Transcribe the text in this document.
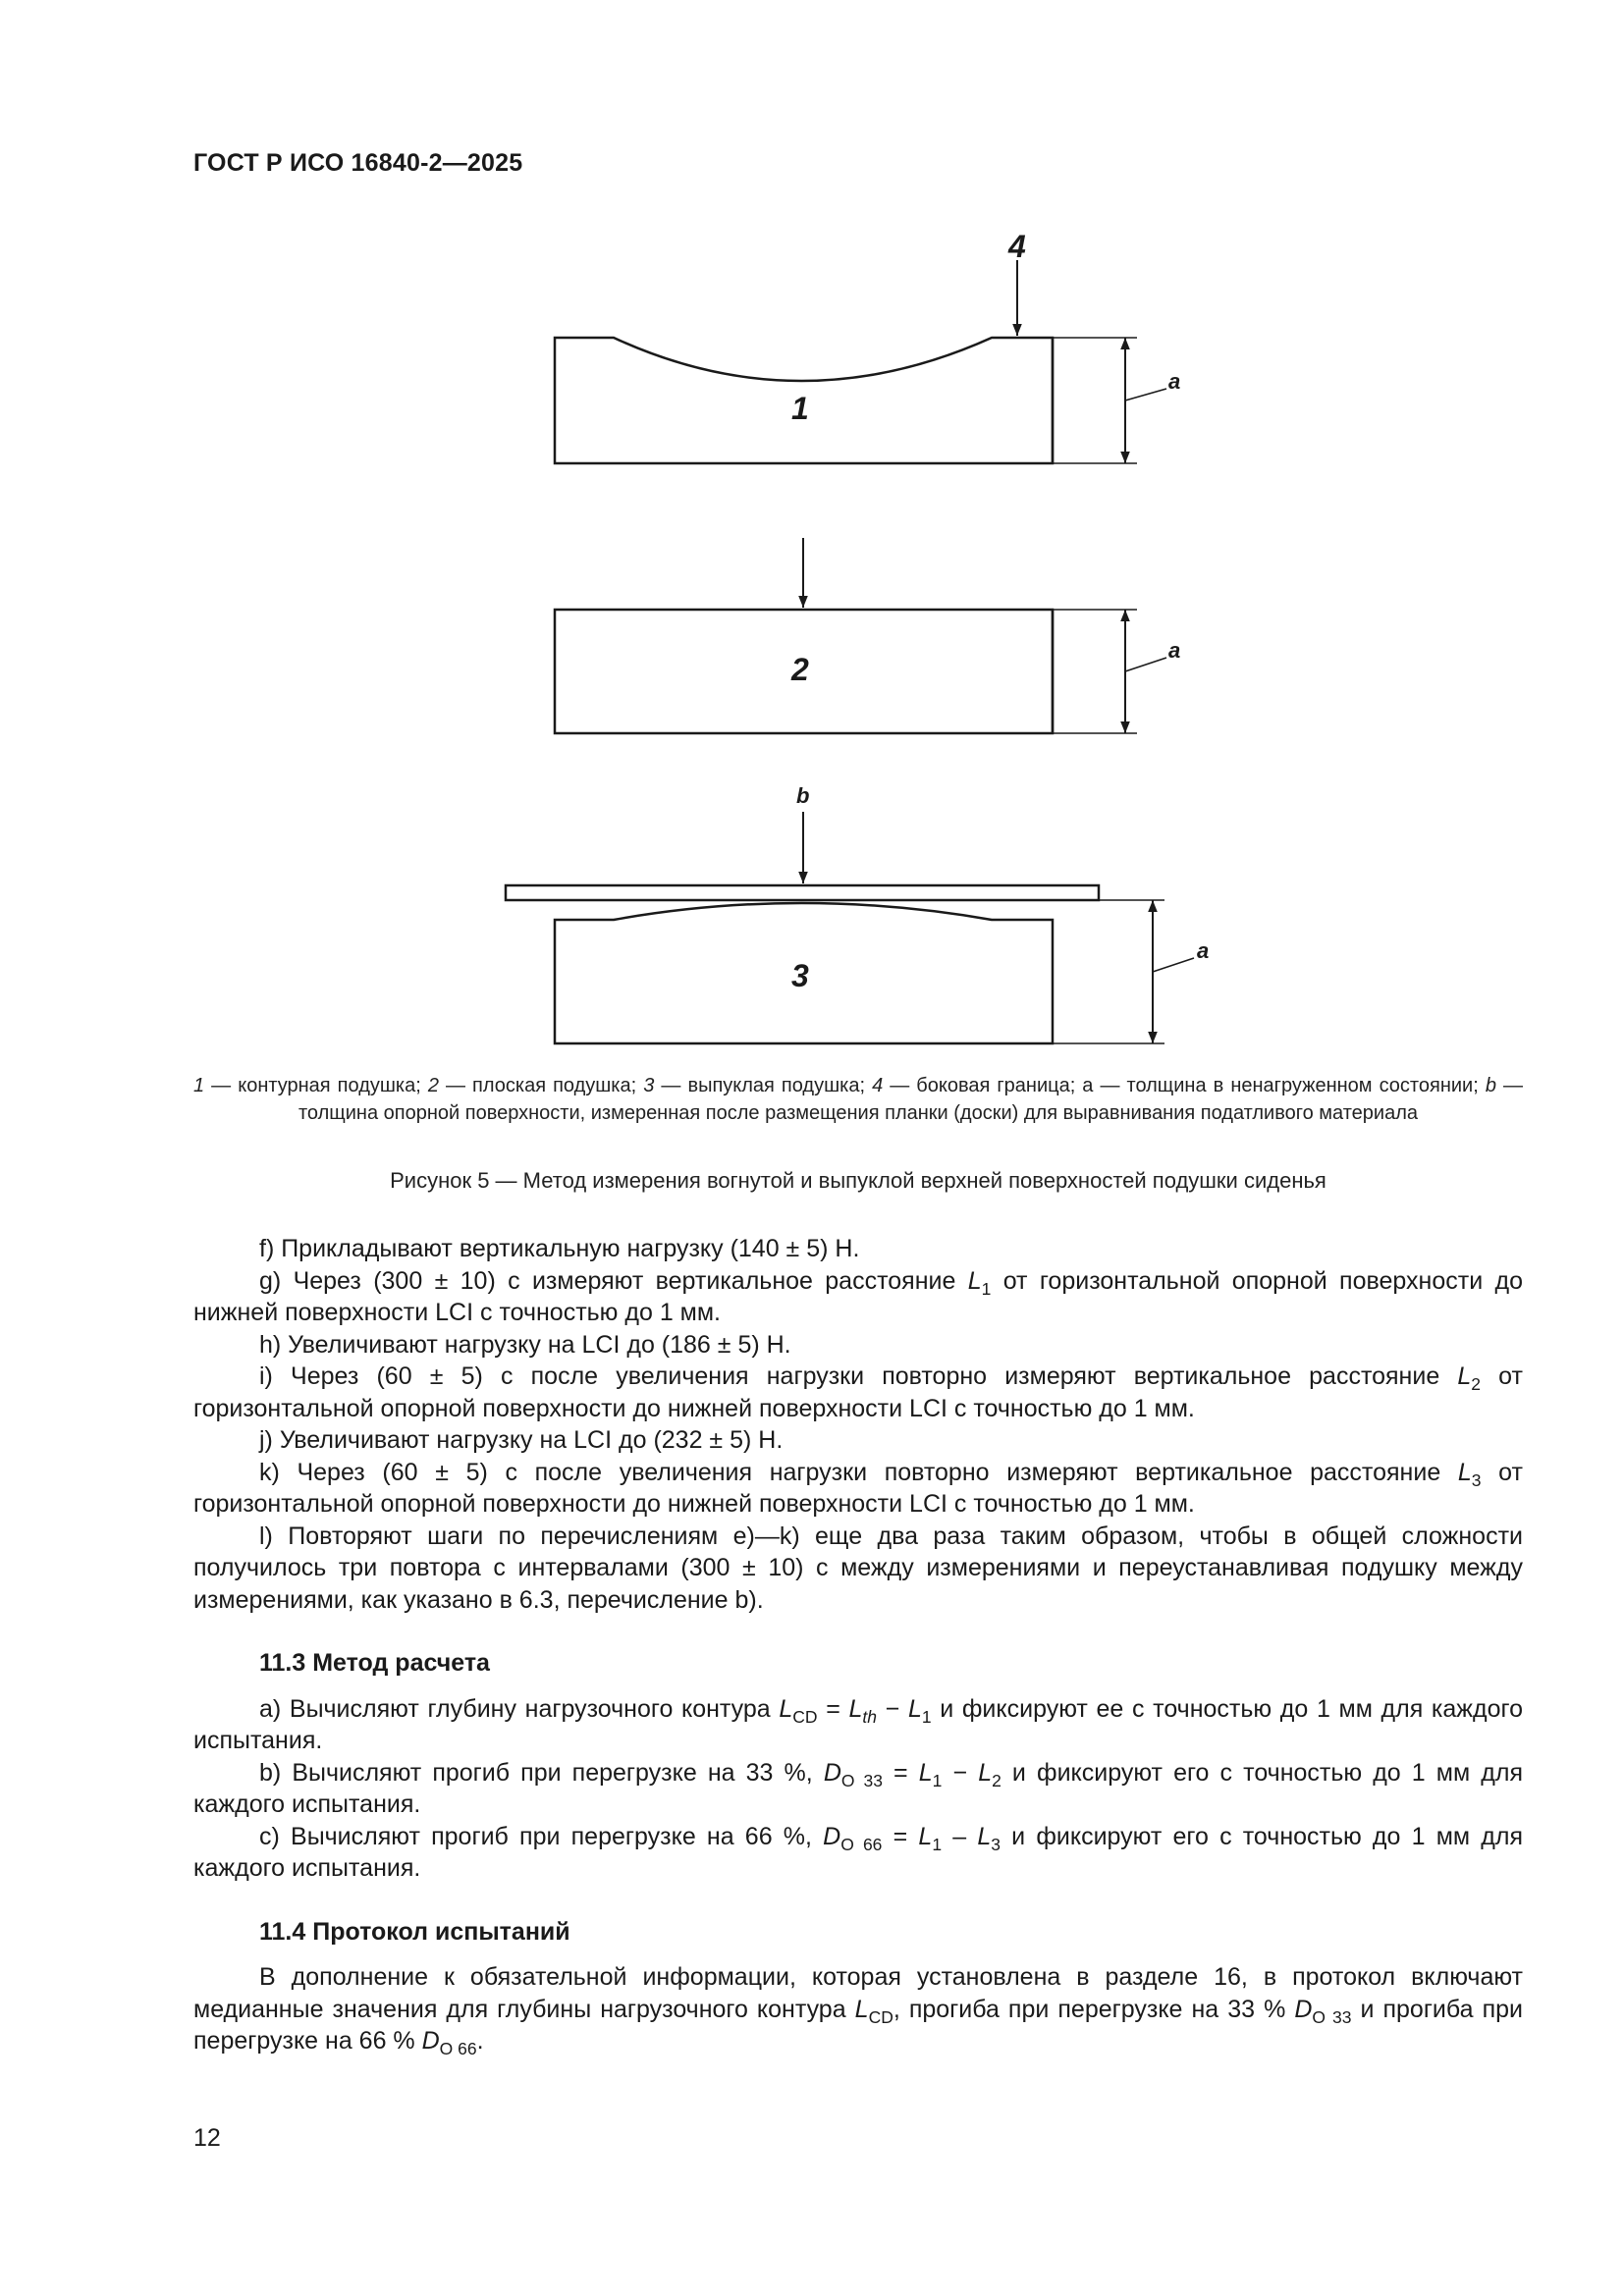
ГОСТ Р ИСО 16840-2—2025
1
4
a
2
a
b
3
a
1 — контурная подушка; 2 — плоская подушка; 3 — выпуклая подушка; 4 — боковая граница; а — толщина в ненагруженном состоянии; b — толщина опорной поверхности, измеренная после размещения планки (доски) для выравнивания податливого материала
Рисунок 5 — Метод измерения вогнутой и выпуклой верхней поверхностей подушки сиденья

f) Прикладывают вертикальную нагрузку (140 ± 5) Н.

g) Через (300 ± 10) с измеряют вертикальное расстояние $L_1$ от горизонтальной опорной поверхности до нижней поверхности LCI с точностью до 1 мм.

h) Увеличивают нагрузку на LCI до (186 ± 5) Н.

i) Через (60 ± 5) с после увеличения нагрузки повторно измеряют вертикальное расстояние $L_2$ от горизонтальной опорной поверхности до нижней поверхности LCI с точностью до 1 мм.

j) Увеличивают нагрузку на LCI до (232 ± 5) Н.

k) Через (60 ± 5) с после увеличения нагрузки повторно измеряют вертикальное расстояние $L_3$ от горизонтальной опорной поверхности до нижней поверхности LCI с точностью до 1 мм.

l) Повторяют шаги по перечислениям е)—k) еще два раза таким образом, чтобы в общей сложности получилось три повтора с интервалами (300 ± 10) с между измерениями и переустанавливая подушку между измерениями, как указано в 6.3, перечисление b).

11.3 Метод расчета

a) Вычисляют глубину нагрузочного контура $L_{CD} = L_{th} - L_1$ и фиксируют ее с точностью до 1 мм для каждого испытания.

b) Вычисляют прогиб при перегрузке на 33 %, $D_{O 33} = L_1 - L_2$ и фиксируют его с точностью до 1 мм для каждого испытания.

c) Вычисляют прогиб при перегрузке на 66 %, $D_{O 66} = L_1 - L_3$ и фиксируют его с точностью до 1 мм для каждого испытания.

11.4 Протокол испытаний

В дополнение к обязательной информации, которая установлена в разделе 16, в протокол включают медианные значения для глубины нагрузочного контура $L_{CD}$, прогиба при перегрузке на 33 % $D_{O 33}$ и прогиба при перегрузке на 66 % $D_{O 66}$.

12
